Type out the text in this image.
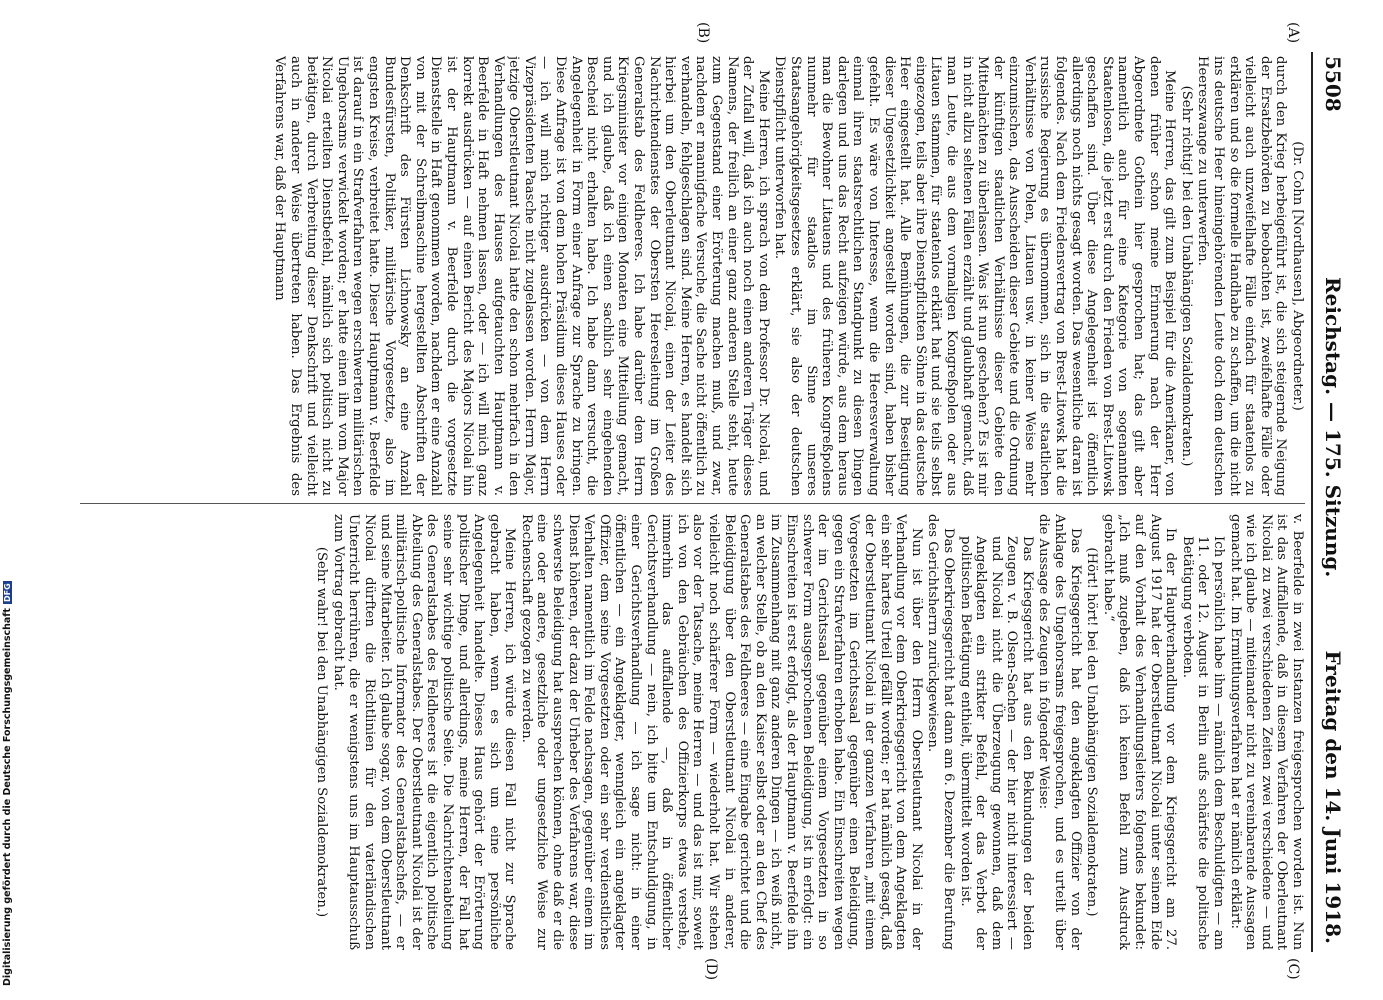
5508
Reichstag. — 175. Sitzung.
Freitag den 14. Juni 1918.
(A)
(B)
(C)
(D)

(Dr. Cohn [Nordhausen], Abgeordneter.)

durch den Krieg herbeigeführt ist, die sich steigernde Neigung der Ersatzbehörden zu beobachten ist, zweifelhafte Fälle oder vielleicht auch unzweifelhafte Fälle einfach für staatenlos zu erklären und so die formelle Handhabe zu schaffen, um die nicht ins deutsche Heer hineingehörenden Leute doch dem deutschen Heereszwange zu unterwerfen.

(Sehr richtig! bei den Unabhängigen Sozialdemokraten.)

Meine Herren, das gilt zum Beispiel für die Amerikaner, von denen früher schon meine Erinnerung nach der Herr Abgeordnete Gothein hier gesprochen hat; das gilt aber namentlich auch für eine Kategorie von sogenannten Staatenlosen, die jetzt erst durch den Frieden von Brest-Litowsk geschaffen sind. Über diese Angelegenheit ist öffentlich allerdings noch nichts gesagt worden. Das wesentliche daran ist folgendes. Nach dem Friedensvertrag von Brest-Litowsk hat die russische Regierung es übernommen, sich in die staatlichen Verhältnisse von Polen, Litauen usw. in keiner Weise mehr einzumischen, das Ausscheiden dieser Gebiete und die Ordnung der künftigen staatlichen Verhältnisse dieser Gebiete den Mittelmächten zu überlassen. Was ist nun geschehen? Es ist mir in nicht allzu seltenen Fällen erzählt und glaubhaft gemacht, daß man Leute, die aus dem vormaligen Kongreßpolen oder aus Litauen stammen, für staatenlos erklärt hat und sie teils selbst eingezogen, teils aber ihre Dienstpflichten Söhne in das deutsche Heer eingestellt hat. Alle Bemühungen, die zur Beseitigung dieser Ungesetzlichkeit angestellt worden sind, haben bisher gefehlt. Es wäre von Interesse, wenn die Heeresverwaltung einmal ihren staatsrechtlichen Standpunkt zu diesen Dingen darlegen und uns das Recht aufzeigen würde, aus dem heraus man die Bewohner Litauens und des früheren Kongreßpolens nunmehr für staatlos im Sinne unseres Staatsangehörigkeitsgesetzes erklärt, sie also der deutschen Dienstpflicht unterworfen hat.

Meine Herren, ich sprach von dem Professor Dr. Nicolai, und der Zufall will, daß ich auch noch einen anderen Träger dieses Namens, der freilich an einer ganz anderen Stelle steht, heute zum Gegenstand einer Erörterung machen muß, und zwar, nachdem er mannigfache Versuche, die Sache nicht öffentlich zu verhandeln, fehlgeschlagen sind. Meine Herren, es handelt sich hierbei um den Oberleutnant Nicolai, einen der Leiter des Nachrichtendienstes der Obersten Heeresleitung im Großen Generalstab des Feldheeres. Ich habe darüber dem Herrn Kriegsminister vor einigen Monaten eine Mitteilung gemacht, und ich glaube, daß ich einen sachlich sehr eingehenden Bescheid nicht erhalten habe. Ich habe dann versucht, die Angelegenheit in Form einer Anfrage zur Sprache zu bringen. Diese Anfrage ist von dem hohen Präsidium dieses Hauses oder — ich will mich richtiger ausdrücken — von dem Herrn Vizepräsidenten Paasche nicht zugelassen worden. Herrn Major, jetzige Oberstleutnant Nicolai hatte den schon mehrfach in den Verhandlungen des Hauses aufgetauchten Hauptmann v. Beerfelde in Haft nehmen lassen, oder — ich will mich ganz korrekt ausdrücken — auf einen Bericht des Majors Nicolai hin ist der Hauptmann v. Beerfelde durch die vorgesetzte Dienststelle in Haft genommen worden, nachdem er eine Anzahl von mit der Schreibmaschine hergestellten Abschriften der Denkschrift des Fürsten Lichnowsky an eine Anzahl Bundesfürsten, Politiker, militärische Vorgesetzte, also im engsten Kreise, verbreitet hatte. Dieser Hauptmann v. Beerfelde ist darauf in ein Strafverfahren wegen erschwerten militärischen Ungehorsams verwickelt worden; er hatte einen ihm vom Major Nicolai erteilten Dienstbefehl, nämlich sich politisch nicht zu betätigen, durch Verbreitung dieser Denkschrift und vielleicht auch in anderer Weise übertreten haben. Das Ergebnis des Verfahrens war, daß der Hauptmann

v. Beerfelde in zwei Instanzen freigesprochen worden ist. Nun ist das Auffallende, daß in diesem Verfahren der Oberleutnant Nicolai zu zwei verschiedenen Zeiten zwei verschiedene — und wie ich glaube — miteinander nicht zu vereinbarende Aussagen gemacht hat. Im Ermittlungsverfahren hat er nämlich erklärt:

Ich persönlich habe ihm — nämlich dem Beschuldigten — am 11. oder 12. August in Berlin aufs schärfste die politische Betätigung verboten.

In der Hauptverhandlung vor dem Kriegsgericht am 27. August 1917 hat der Oberstleutnant Nicolai unter seinem Eide auf den Vorhalt des Verhandlungsleiters folgendes bekundet: „Ich muß zugeben, daß ich keinen Befehl zum Ausdruck gebracht habe.“

(Hört! hört! bei den Unabhängigen Sozialdemokraten.)

Das Kriegsgericht hat den angeklagten Offizier von der Anklage des Ungehorsams freigesprochen, und es urteilt über die Aussage des Zeugen in folgender Weise:

Das Kriegsgericht hat aus den Bekundungen der beiden Zeugen v. B. Olsen-Sachen — der hier nicht interessiert — und Nicolai nicht die Überzeugung gewonnen, daß dem Angeklagten ein strikter Befehl, der das Verbot der politischen Betätigung enthielt, übermittelt worden ist.

Das Oberkriegsgericht hat dann am 6. Dezember die Berufung des Gerichtsherrn zurückgewiesen.

Nun ist über den Herrn Oberstleutnant Nicolai in der Verhandlung vor dem Oberkriegsgericht von dem Angeklagten ein sehr hartes Urteil gefällt worden; er hat nämlich gesagt, daß der Oberstleutnant Nicolai in der ganzen Verfahren „mit einem Vorgesetzten im Gerichtssaal gegenüber einen Beleidigung, gegen ein Strafverfahren erhoben habe. Ein Einschreiten wegen der im Gerichtssaal gegenüber einem Vorgesetzten in so schwerer Form ausgesprochenen Beleidigung, ist in erfolgt: ein Einschreiten ist erst erfolgt, als der Hauptmann v. Beerfelde ihn im Zusammenhang mit ganz anderen Dingen — ich weiß nicht, an welcher Stelle, ob an den Kaiser selbst oder an den Chef des Generalstabes des Feldheeres — eine Eingabe gerichtet und die Beleidigung über den Oberstleutnant Nicolai in anderer, vielleicht noch schärferer Form — wiederholt hat. Wir stehen also vor der Tatsache, meine Herren — und das ist mir, soweit ich von den Gebräuchen des Offizierkorps etwas verstehe, immerhin das auffallende —, daß in öffentlicher Gerichtsverhandlung — nein, ich bitte um Entschuldigung, in einer Gerichtsverhandlung — ich sage nicht: in einer öffentlichen — ein Angeklagter, wenngleich ein angeklagter Offizier, dem seine Vorgesetzten oder ein sehr verdienstliches Verhalten namentlich im Felde nachsagen, gegenüber einem im Dienst höheren, der dazu der Urheber des Verfahrens war, diese schwerste Beleidigung hat aussprechen können, ohne daß er die eine oder andere, gesetzliche oder ungesetzliche Weise zur Rechenschaft gezogen zu werden.

Meine Herren, ich würde diesen Fall nicht zur Sprache gebracht haben, wenn es sich um eine persönliche Angelegenheit handelte. Dieses Haus gehört der Erörterung politischer Dinge, und allerdings, meine Herren, der Fall hat seine sehr wichtige politische Seite. Die Nachrichtenabteilung des Generalstabes des Feldheeres ist die eigentlich politische Abteilung des Generalstabes. Der Oberstleutnant Nicolai ist der militärisch-politische Informator des Generalstabschefs, — er und seine Mitarbeiter. Ich glaube sogar, von dem Oberstleutnant Nicolai dürften die Richtlinien für den vaterländischen Unterricht herrühren, die er wenigstens uns im Hauptausschuß zum Vortrag gebracht hat.

(Sehr wahr! bei den Unabhängigen Sozialdemokraten.)

Digitalisierung gefördert durch die Deutsche ForschungsgemeinschaftDFG
